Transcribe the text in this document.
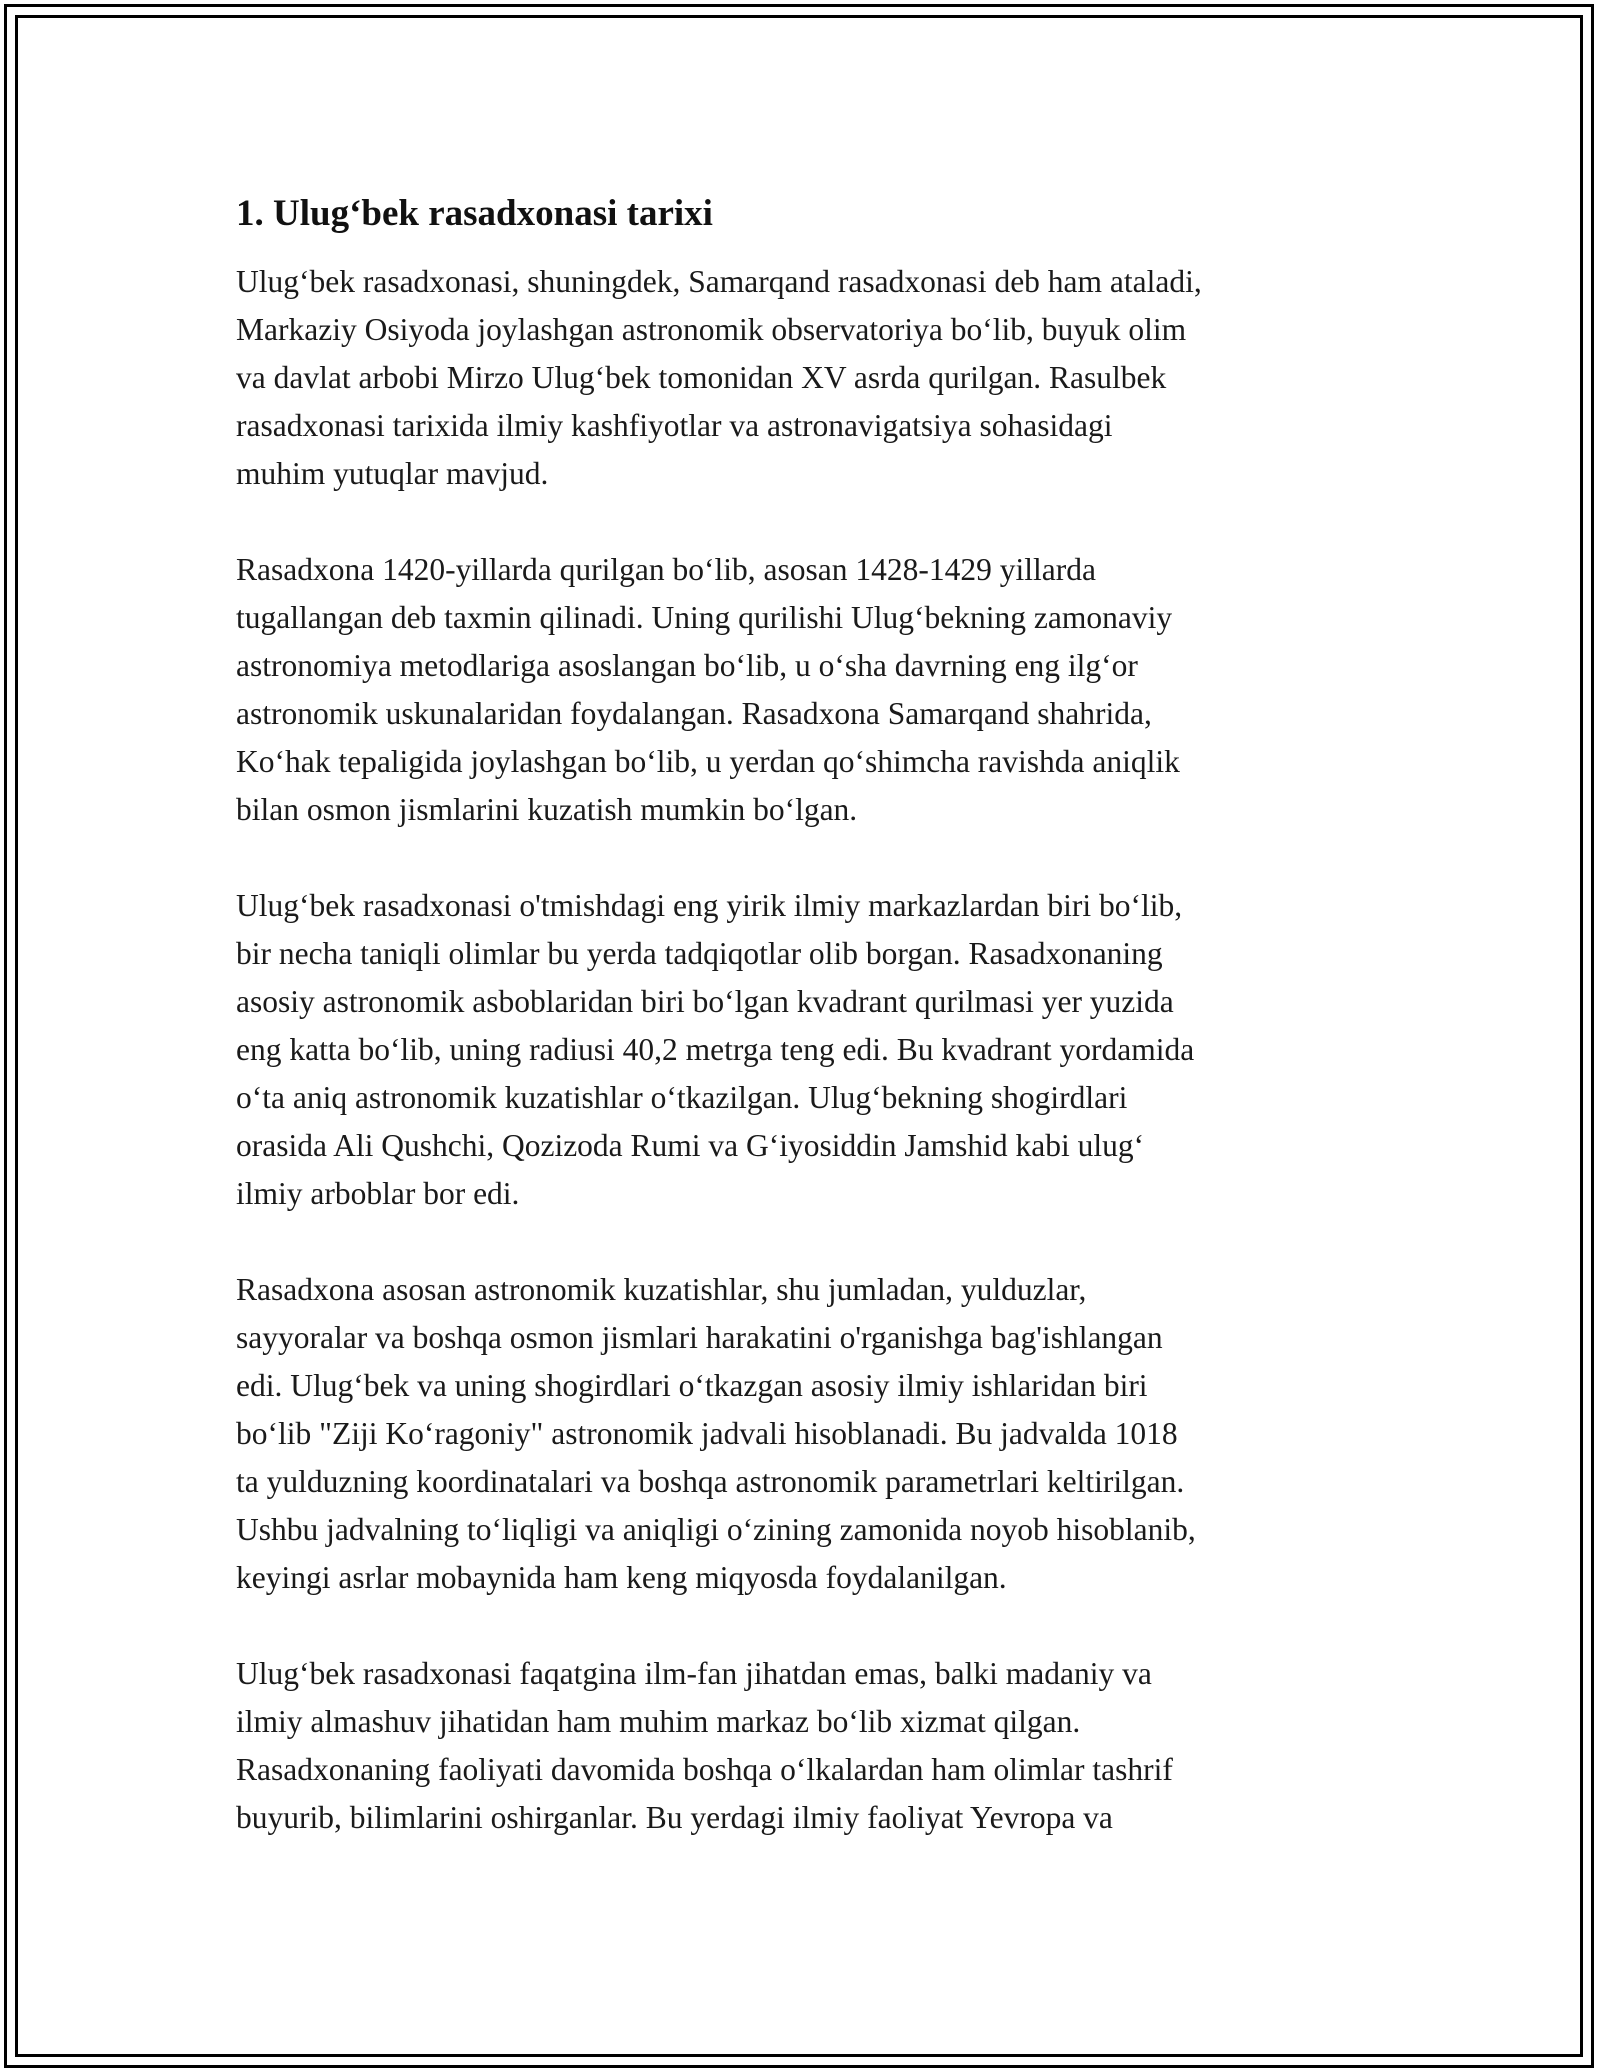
1. Ulug‘bek rasadxonasi tarixi

Ulug‘bek rasadxonasi, shuningdek, Samarqand rasadxonasi deb ham ataladi,
Markaziy Osiyoda joylashgan astronomik observatoriya bo‘lib, buyuk olim
va davlat arbobi Mirzo Ulug‘bek tomonidan XV asrda qurilgan. Rasulbek
rasadxonasi tarixida ilmiy kashfiyotlar va astronavigatsiya sohasidagi
muhim yutuqlar mavjud.

Rasadxona 1420-yillarda qurilgan bo‘lib, asosan 1428-1429 yillarda
tugallangan deb taxmin qilinadi. Uning qurilishi Ulug‘bekning zamonaviy
astronomiya metodlariga asoslangan bo‘lib, u o‘sha davrning eng ilg‘or
astronomik uskunalaridan foydalangan. Rasadxona Samarqand shahrida,
Ko‘hak tepaligida joylashgan bo‘lib, u yerdan qo‘shimcha ravishda aniqlik
bilan osmon jismlarini kuzatish mumkin bo‘lgan.

Ulug‘bek rasadxonasi o'tmishdagi eng yirik ilmiy markazlardan biri bo‘lib,
bir necha taniqli olimlar bu yerda tadqiqotlar olib borgan. Rasadxonaning
asosiy astronomik asboblaridan biri bo‘lgan kvadrant qurilmasi yer yuzida
eng katta bo‘lib, uning radiusi 40,2 metrga teng edi. Bu kvadrant yordamida
o‘ta aniq astronomik kuzatishlar o‘tkazilgan. Ulug‘bekning shogirdlari
orasida Ali Qushchi, Qozizoda Rumi va G‘iyosiddin Jamshid kabi ulug‘
ilmiy arboblar bor edi.

Rasadxona asosan astronomik kuzatishlar, shu jumladan, yulduzlar,
sayyoralar va boshqa osmon jismlari harakatini o'rganishga bag'ishlangan
edi. Ulug‘bek va uning shogirdlari o‘tkazgan asosiy ilmiy ishlaridan biri
bo‘lib "Ziji Ko‘ragoniy" astronomik jadvali hisoblanadi. Bu jadvalda 1018
ta yulduzning koordinatalari va boshqa astronomik parametrlari keltirilgan.
Ushbu jadvalning to‘liqligi va aniqligi o‘zining zamonida noyob hisoblanib,
keyingi asrlar mobaynida ham keng miqyosda foydalanilgan.

Ulug‘bek rasadxonasi faqatgina ilm-fan jihatdan emas, balki madaniy va
ilmiy almashuv jihatidan ham muhim markaz bo‘lib xizmat qilgan.
Rasadxonaning faoliyati davomida boshqa o‘lkalardan ham olimlar tashrif
buyurib, bilimlarini oshirganlar. Bu yerdagi ilmiy faoliyat Yevropa va
